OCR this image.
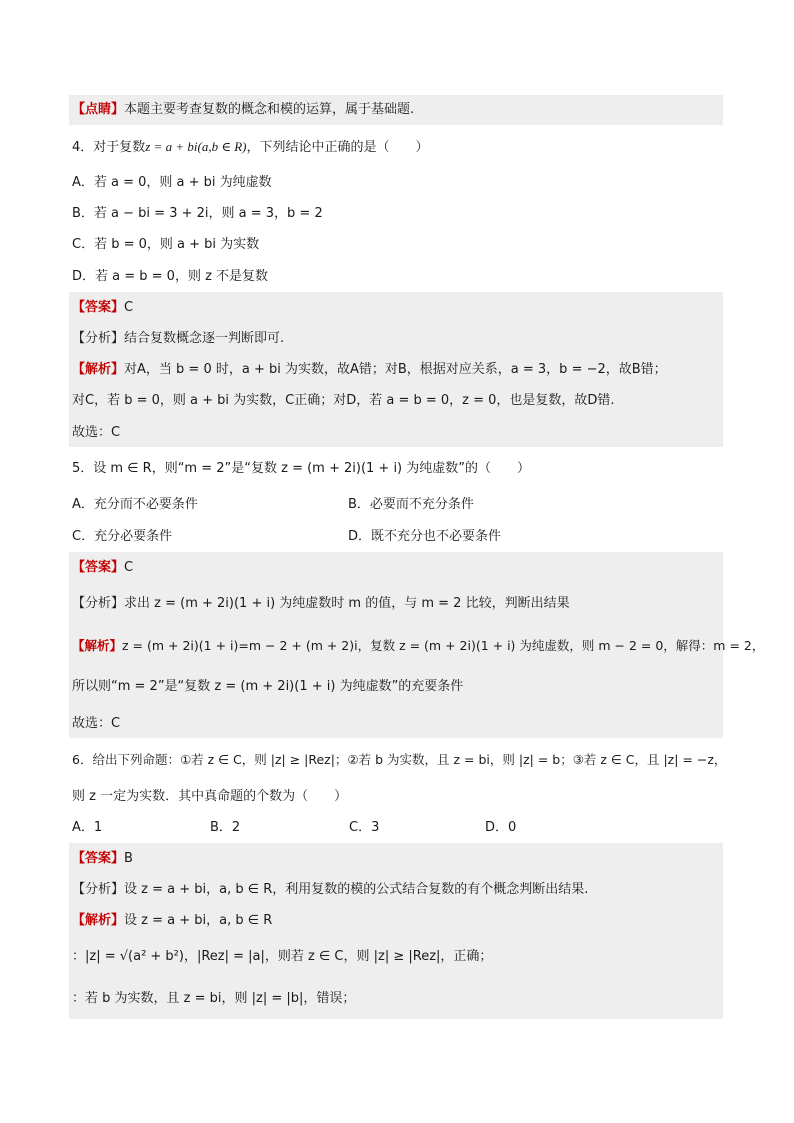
【点睛】本题主要考查复数的概念和模的运算，属于基础题.
4．对于复数z = a + bi(a,b ∈ R)，下列结论中正确的是（　　）
A．若 a = 0，则 a + bi 为纯虚数
B．若 a − bi = 3 + 2i，则 a = 3，b = 2
C．若 b = 0，则 a + bi 为实数
D．若 a = b = 0，则 z 不是复数
【答案】C
【分析】结合复数概念逐一判断即可.
【解析】对A，当 b = 0 时，a + bi 为实数，故A错；对B，根据对应关系，a = 3，b = −2，故B错；
对C，若 b = 0，则 a + bi 为实数，C正确；对D，若 a = b = 0，z = 0，也是复数，故D错.
故选：C
5．设 m ∈ R，则“m = 2”是“复数 z = (m + 2i)(1 + i) 为纯虚数”的（　　）
A．充分而不必要条件	B．必要而不充分条件
C．充分必要条件	D．既不充分也不必要条件
【答案】C
【分析】求出 z = (m + 2i)(1 + i) 为纯虚数时 m 的值，与 m = 2 比较，判断出结果
【解析】z = (m + 2i)(1 + i)=m − 2 + (m + 2)i，复数 z = (m + 2i)(1 + i) 为纯虚数，则 m − 2 = 0，解得：m = 2，
所以则“m = 2”是“复数 z = (m + 2i)(1 + i) 为纯虚数”的充要条件
故选：C
6．给出下列命题：①若 z ∈ C，则 |z| ≥ |Rez|；②若 b 为实数，且 z = bi，则 |z| = b；③若 z ∈ C，且 |z| = −z，
则 z 一定为实数．其中真命题的个数为（　　）
A．1	B．2	C．3	D．0
【答案】B
【分析】设 z = a + bi，a, b ∈ R，利用复数的模的公式结合复数的有个概念判断出结果.
【解析】设 z = a + bi，a, b ∈ R
：|z| = √(a² + b²)，|Rez| = |a|，则若 z ∈ C，则 |z| ≥ |Rez|，正确；
：若 b 为实数，且 z = bi，则 |z| = |b|，错误；
